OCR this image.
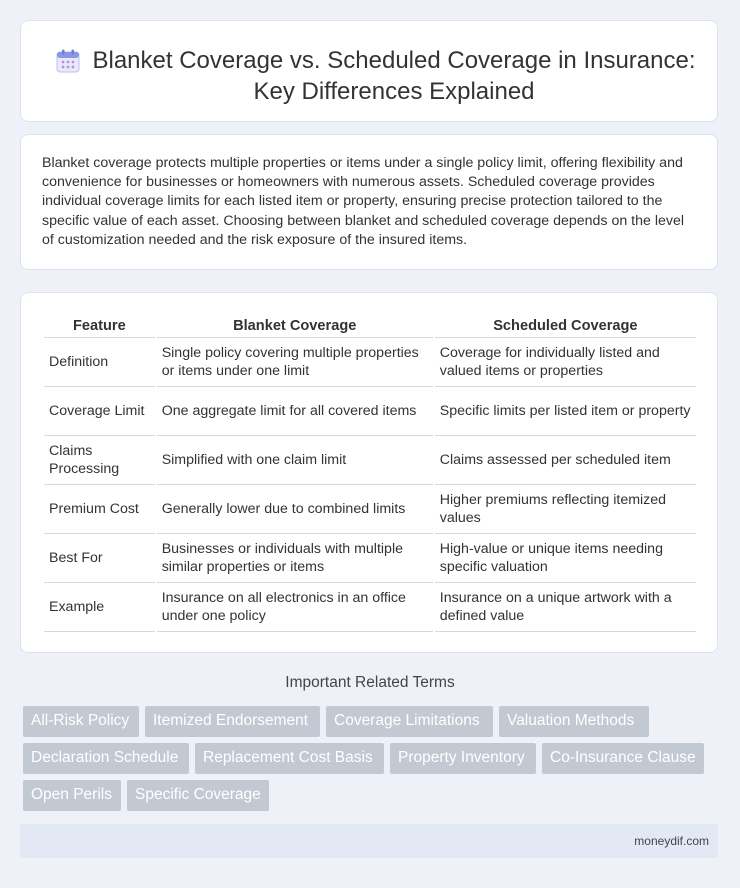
Blanket Coverage vs. Scheduled Coverage in Insurance: Key Differences Explained

Blanket coverage protects multiple properties or items under a single policy limit, offering flexibility and convenience for businesses or homeowners with numerous assets. Scheduled coverage provides individual coverage limits for each listed item or property, ensuring precise protection tailored to the specific value of each asset. Choosing between blanket and scheduled coverage depends on the level of customization needed and the risk exposure of the insured items.

Feature	Blanket Coverage	Scheduled Coverage
Definition	Single policy covering multiple properties or items under one limit	Coverage for individually listed and valued items or properties
Coverage Limit	One aggregate limit for all covered items	Specific limits per listed item or property
Claims Processing	Simplified with one claim limit	Claims assessed per scheduled item
Premium Cost	Generally lower due to combined limits	Higher premiums reflecting itemized values
Best For	Businesses or individuals with multiple similar properties or items	High-value or unique items needing specific valuation
Example	Insurance on all electronics in an office under one policy	Insurance on a unique artwork with a defined value
Important Related Terms
All-Risk Policy	Itemized Endorsement	Coverage Limitations	Valuation Methods
Declaration Schedule	Replacement Cost Basis	Property Inventory	Co-Insurance Clause
Open Perils	Specific Coverage
moneydif.com
